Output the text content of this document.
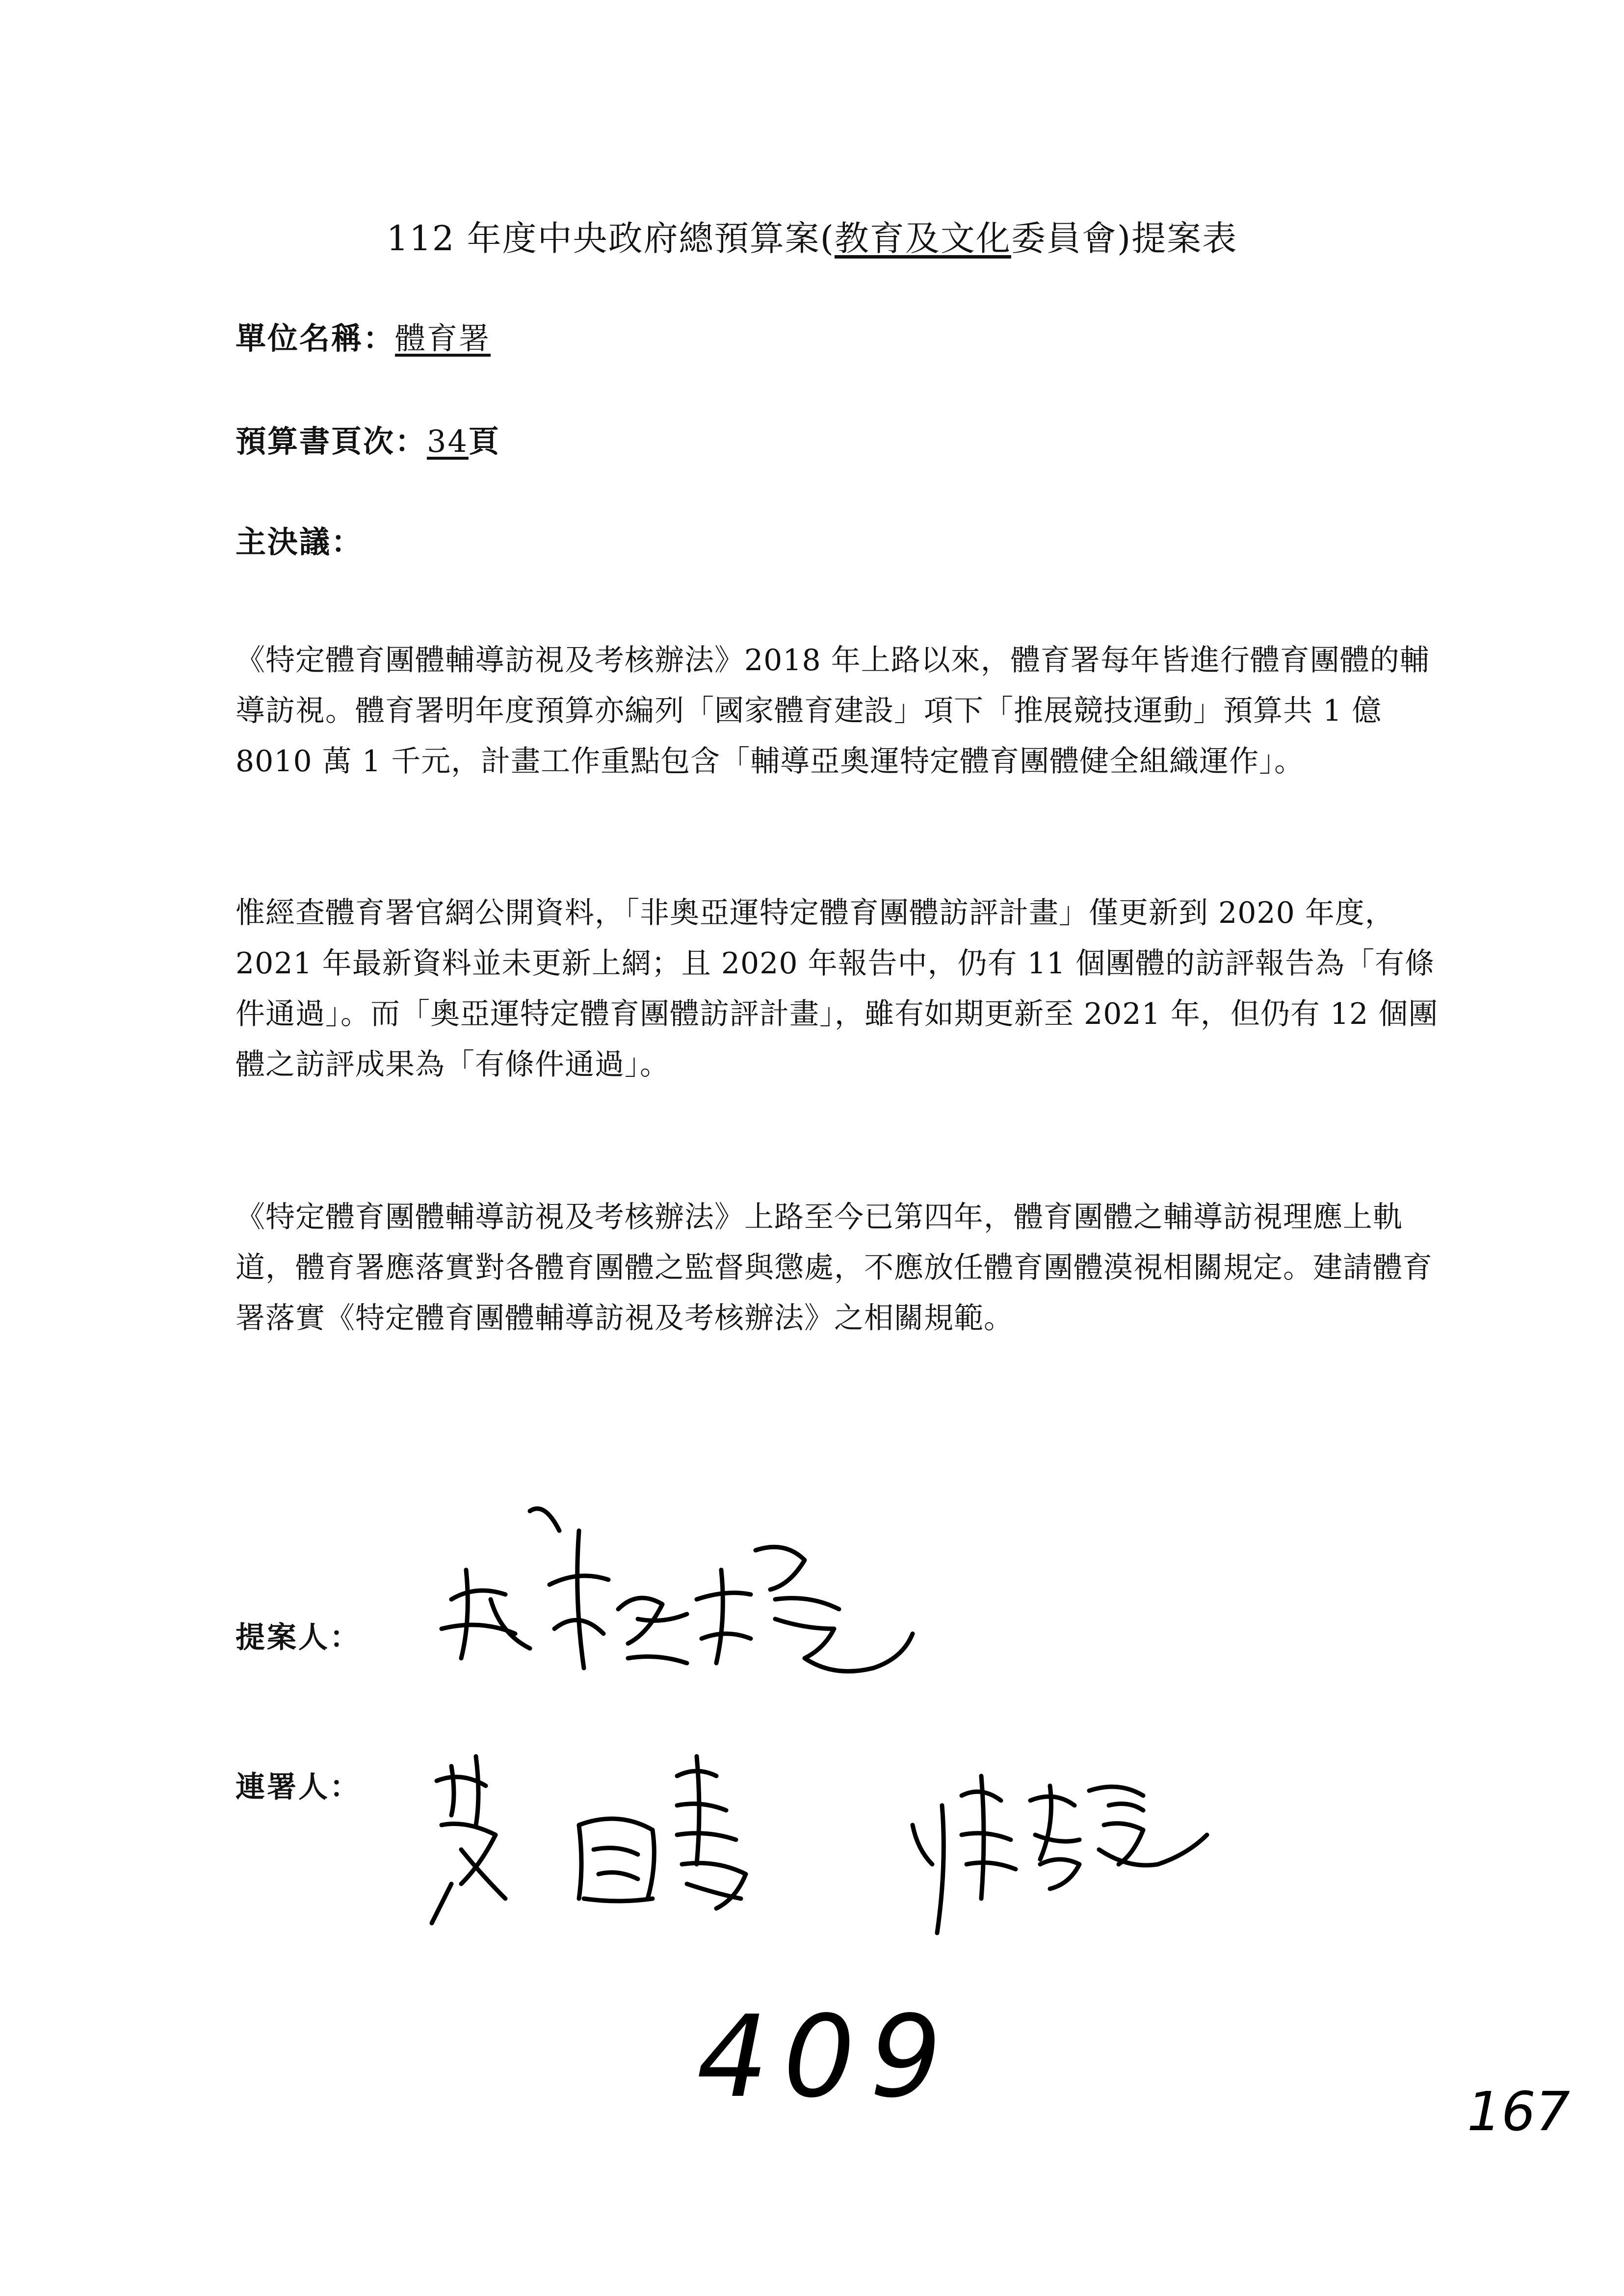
112 年度中央政府總預算案(教育及文化委員會)提案表
單位名稱：體育署
預算書頁次：34頁
主決議：

《特定體育團體輔導訪視及考核辦法》2018 年上路以來，體育署每年皆進行體育團體的輔導訪視。體育署明年度預算亦編列「國家體育建設」項下「推展競技運動」預算共 1 億 8010 萬 1 千元，計畫工作重點包含「輔導亞奧運特定體育團體健全組織運作」。

惟經查體育署官網公開資料，「非奧亞運特定體育團體訪評計畫」僅更新到 2020 年度，2021 年最新資料並未更新上網；且 2020 年報告中，仍有 11 個團體的訪評報告為「有條件通過」。而「奧亞運特定體育團體訪評計畫」，雖有如期更新至 2021 年，但仍有 12 個團體之訪評成果為「有條件通過」。

《特定體育團體輔導訪視及考核辦法》上路至今已第四年，體育團體之輔導訪視理應上軌道，體育署應落實對各體育團體之監督與懲處，不應放任體育團體漠視相關規定。建請體育署落實《特定體育團體輔導訪視及考核辦法》之相關規範。

提案人：
連署人：
409	167
